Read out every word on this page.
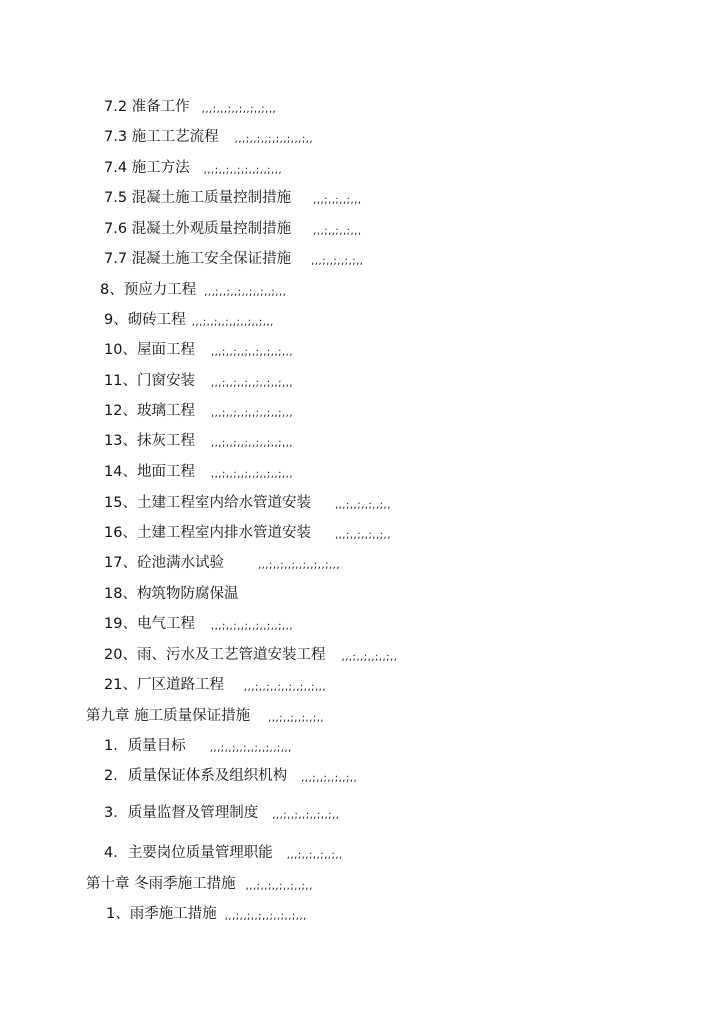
7.2 准备工作 ,,,;,,,;,,;,,;,,;,,,
7.3 施工工艺流程 ,,,;,,;,,;,;,,;,,,;,,
7.4 施工方法 ,,,;,,;,,;,;,,;,,;,,,
7.5 混凝土施工质量控制措施 ,,,;,,;,,;,,,
7.6 混凝土外观质量控制措施 ,,,;,,;,,;,,,
7.7 混凝土施工安全保证措施 ,,,;,,;,,;,;,,
8、预应力工程 ,,,;,,;,,;,,;,,;,,;,,,
9、砌砖工程 ,,,;,,;,,;,,;,,;,,;,,,
10、屋面工程 ,,,;,,;,,;,,;,,;,,;,,,
11、门窗安装 ,,,;,,;,,;,,;,,;,,;,,,
12、玻璃工程 ,,,;,,;,,;,,;,,;,,;,,,
13、抹灰工程 ,,,;,,;,,;,,;,,;,,;,,,
14、地面工程 ,,,;,,;,,;,,;,,;,,;,,,
15、土建工程室内给水管道安装 ,,,;,,;,,;,,;,,
16、土建工程室内排水管道安装 ,,,;,,;,,;,,;,,
17、砼池满水试验	,,,;,,;,,;,,;,,;,,;,,,
18、构筑物防腐保温
19、电气工程 ,,,;,,;,,;,,;,,;,,;,,,
20、雨、污水及工艺管道安装工程 ,,,;,,;,,;,,;,,
21、厂区道路工程 ,,,;,,;,,;,,;,,;,,;,,,
第九章 施工质量保证措施 ,,,;,,;,,;,,;,,
1．质量目标 ,,,;,,;,,;,,;,,;,,;,,,
2．质量保证体系及组织机构 ,,,;,,;,,;,,;,,
3．质量监督及管理制度 ,,,;,,;,,;,,;,,;,,
4．主要岗位质量管理职能 ,,,;,,;,,;,,;,,
第十章 冬雨季施工措施 ,,,;,,;,,;,,;,,;,,
1、雨季施工措施 ,,,;,,;,,;,,;,,;,,;,,,
